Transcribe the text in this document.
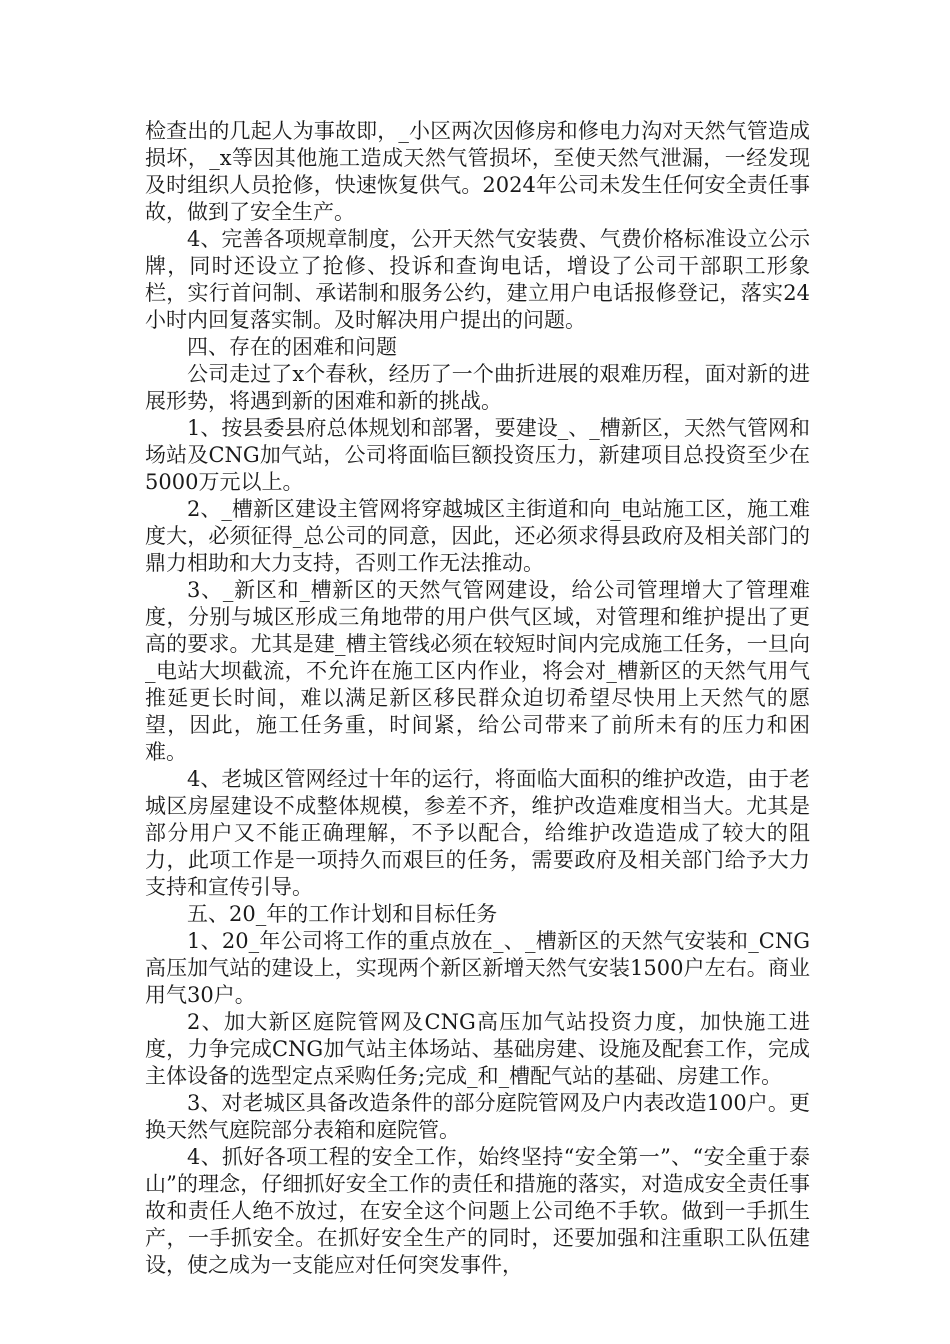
检查出的几起人为事故即，_小区两次因修房和修电力沟对天然气管造成损坏，_x等因其他施工造成天然气管损坏，至使天然气泄漏，一经发现及时组织人员抢修，快速恢复供气。2024年公司未发生任何安全责任事故，做到了安全生产。

4、完善各项规章制度，公开天然气安装费、气费价格标准设立公示牌，同时还设立了抢修、投诉和查询电话，增设了公司干部职工形象栏，实行首问制、承诺制和服务公约，建立用户电话报修登记，落实24小时内回复落实制。及时解决用户提出的问题。

四、存在的困难和问题

公司走过了x个春秋，经历了一个曲折进展的艰难历程，面对新的进展形势，将遇到新的困难和新的挑战。

1、按县委县府总体规划和部署，要建设_、_槽新区，天然气管网和场站及CNG加气站，公司将面临巨额投资压力，新建项目总投资至少在5000万元以上。

2、_槽新区建设主管网将穿越城区主街道和向_电站施工区，施工难度大，必须征得_总公司的同意，因此，还必须求得县政府及相关部门的鼎力相助和大力支持，否则工作无法推动。

3、_新区和_槽新区的天然气管网建设，给公司管理增大了管理难度，分别与城区形成三角地带的用户供气区域，对管理和维护提出了更高的要求。尤其是建_槽主管线必须在较短时间内完成施工任务，一旦向_电站大坝截流，不允许在施工区内作业，将会对_槽新区的天然气用气推延更长时间，难以满足新区移民群众迫切希望尽快用上天然气的愿望，因此，施工任务重，时间紧，给公司带来了前所未有的压力和困难。

4、老城区管网经过十年的运行，将面临大面积的维护改造，由于老城区房屋建设不成整体规模，参差不齐，维护改造难度相当大。尤其是部分用户又不能正确理解，不予以配合，给维护改造造成了较大的阻力，此项工作是一项持久而艰巨的任务，需要政府及相关部门给予大力支持和宣传引导。

五、20_年的工作计划和目标任务

1、20_年公司将工作的重点放在_、_槽新区的天然气安装和_CNG高压加气站的建设上，实现两个新区新增天然气安装1500户左右。商业用气30户。

2、加大新区庭院管网及CNG高压加气站投资力度，加快施工进度，力争完成CNG加气站主体场站、基础房建、设施及配套工作，完成主体设备的选型定点采购任务;完成_和_槽配气站的基础、房建工作。

3、对老城区具备改造条件的部分庭院管网及户内表改造100户。更换天然气庭院部分表箱和庭院管。

4、抓好各项工程的安全工作，始终坚持“安全第一”、“安全重于泰山”的理念，仔细抓好安全工作的责任和措施的落实，对造成安全责任事故和责任人绝不放过，在安全这个问题上公司绝不手软。做到一手抓生产，一手抓安全。在抓好安全生产的同时，还要加强和注重职工队伍建设，使之成为一支能应对任何突发事件，
